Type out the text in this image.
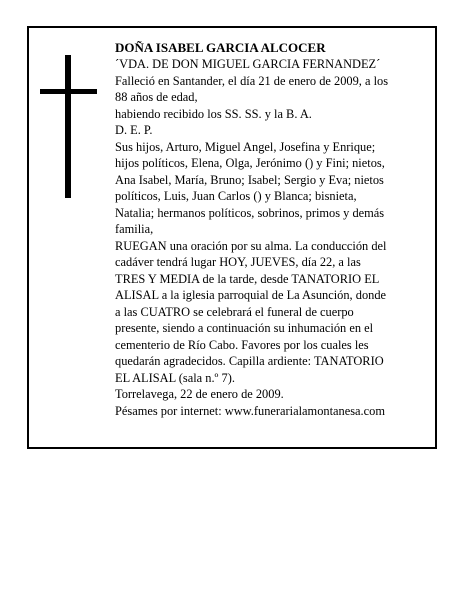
DOÑA ISABEL GARCIA ALCOCER

´VDA. DE DON MIGUEL GARCIA FERNANDEZ´

Falleció en Santander, el día 21 de enero de 2009, a los

88 años de edad,

habiendo recibido los SS. SS. y la B. A.

D. E. P.

Sus hijos, Arturo, Miguel Angel, Josefina y Enrique;

hijos políticos, Elena, Olga, Jerónimo () y Fini; nietos,

Ana Isabel, María, Bruno; Isabel; Sergio y Eva; nietos

políticos, Luis, Juan Carlos () y Blanca; bisnieta,

Natalia; hermanos políticos, sobrinos, primos y demás

familia,

RUEGAN una oración por su alma. La conducción del

cadáver tendrá lugar HOY, JUEVES, día 22, a las

TRES Y MEDIA de la tarde, desde TANATORIO EL

ALISAL a la iglesia parroquial de La Asunción, donde

a las CUATRO se celebrará el funeral de cuerpo

presente, siendo a continuación su inhumación en el

cementerio de Río Cabo. Favores por los cuales les

quedarán agradecidos. Capilla ardiente: TANATORIO

EL ALISAL (sala n.º 7).

Torrelavega, 22 de enero de 2009.

Pésames por internet: www.funerarialamontanesa.com
